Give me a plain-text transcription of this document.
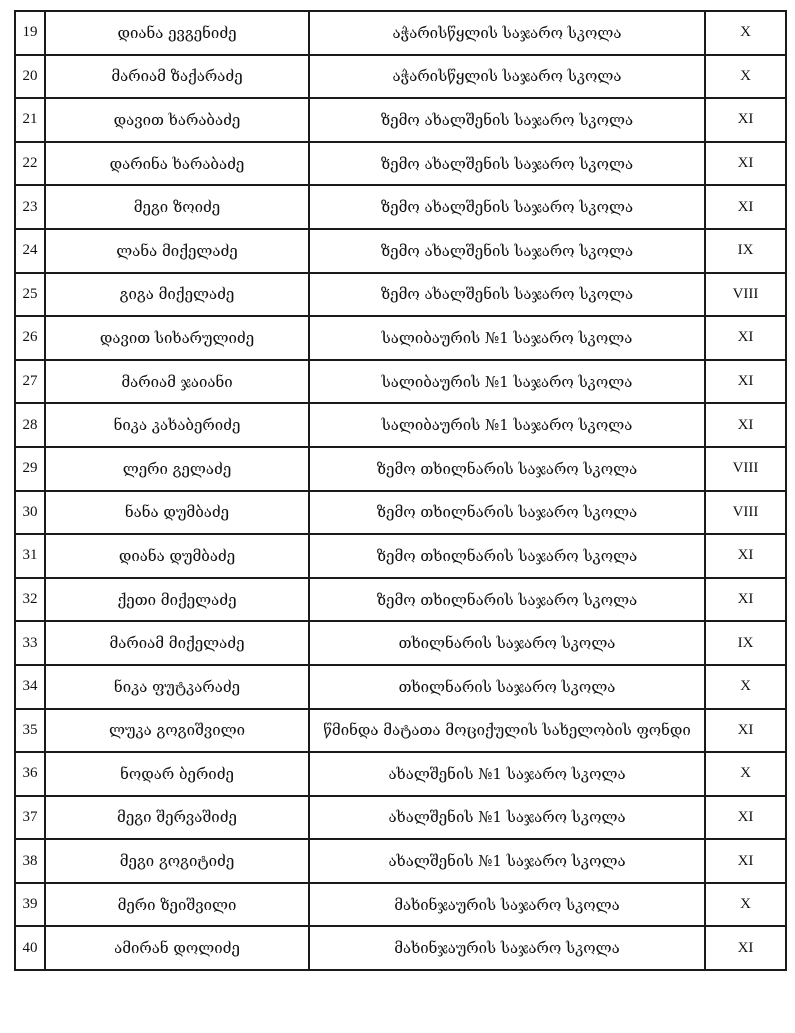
19	დიანა ევგენიძე	აჭარისწყლის საჯარო სკოლა	X
20	მარიამ ზაქარაძე	აჭარისწყლის საჯარო სკოლა	X
21	დავით ხარაბაძე	ზემო ახალშენის საჯარო სკოლა	XI
22	დარინა ხარაბაძე	ზემო ახალშენის საჯარო სკოლა	XI
23	მეგი ზოიძე	ზემო ახალშენის საჯარო სკოლა	XI
24	ლანა მიქელაძე	ზემო ახალშენის საჯარო სკოლა	IX
25	გიგა მიქელაძე	ზემო ახალშენის საჯარო სკოლა	VIII
26	დავით სიხარულიძე	სალიბაურის №1 საჯარო სკოლა	XI
27	მარიამ ჯაიანი	სალიბაურის №1 საჯარო სკოლა	XI
28	ნიკა კახაბერიძე	სალიბაურის №1 საჯარო სკოლა	XI
29	ლერი გელაძე	ზემო თხილნარის საჯარო სკოლა	VIII
30	ნანა დუმბაძე	ზემო თხილნარის საჯარო სკოლა	VIII
31	დიანა დუმბაძე	ზემო თხილნარის საჯარო სკოლა	XI
32	ქეთი მიქელაძე	ზემო თხილნარის საჯარო სკოლა	XI
33	მარიამ მიქელაძე	თხილნარის საჯარო სკოლა	IX
34	ნიკა ფუტკარაძე	თხილნარის საჯარო სკოლა	X
35	ლუკა გოგიშვილი	წმინდა მატათა მოციქულის სახელობის ფონდი	XI
36	ნოდარ ბერიძე	ახალშენის №1 საჯარო სკოლა	X
37	მეგი შერვაშიძე	ახალშენის №1 საჯარო სკოლა	XI
38	მეგი გოგიტიძე	ახალშენის №1 საჯარო სკოლა	XI
39	მერი ზეიშვილი	მახინჯაურის საჯარო სკოლა	X
40	ამირან დოლიძე	მახინჯაურის საჯარო სკოლა	XI
